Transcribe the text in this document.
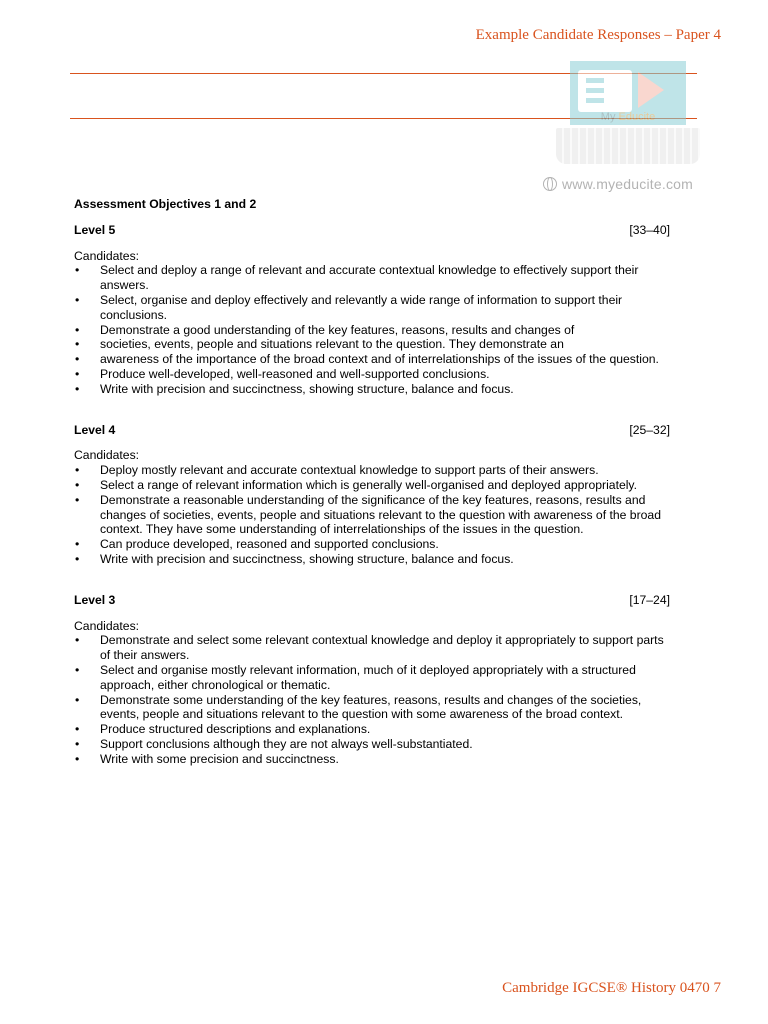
Example Candidate Responses – Paper 4
My Educite
www.myeducite.com
Assessment Objectives 1 and 2
Level 5	[33–40]

Candidates:

• Select and deploy a range of relevant and accurate contextual knowledge to effectively support their answers.
• Select, organise and deploy effectively and relevantly a wide range of information to support their conclusions.
• Demonstrate a good understanding of the key features, reasons, results and changes of
• societies, events, people and situations relevant to the question. They demonstrate an
• awareness of the importance of the broad context and of interrelationships of the issues of the question.
• Produce well-developed, well-reasoned and well-supported conclusions.
• Write with precision and succinctness, showing structure, balance and focus.
Level 4	[25–32]

Candidates:

• Deploy mostly relevant and accurate contextual knowledge to support parts of their answers.
• Select a range of relevant information which is generally well-organised and deployed appropriately.
• Demonstrate a reasonable understanding of the significance of the key features, reasons, results and changes of societies, events, people and situations relevant to the question with awareness of the broad context. They have some understanding of interrelationships of the issues in the question.
• Can produce developed, reasoned and supported conclusions.
• Write with precision and succinctness, showing structure, balance and focus.
Level 3	[17–24]

Candidates:

• Demonstrate and select some relevant contextual knowledge and deploy it appropriately to support parts of their answers.
• Select and organise mostly relevant information, much of it deployed appropriately with a structured approach, either chronological or thematic.
• Demonstrate some understanding of the key features, reasons, results and changes of the societies, events, people and situations relevant to the question with some awareness of the broad context.
• Produce structured descriptions and explanations.
• Support conclusions although they are not always well-substantiated.
• Write with some precision and succinctness.
Cambridge IGCSE® History 0470 7
